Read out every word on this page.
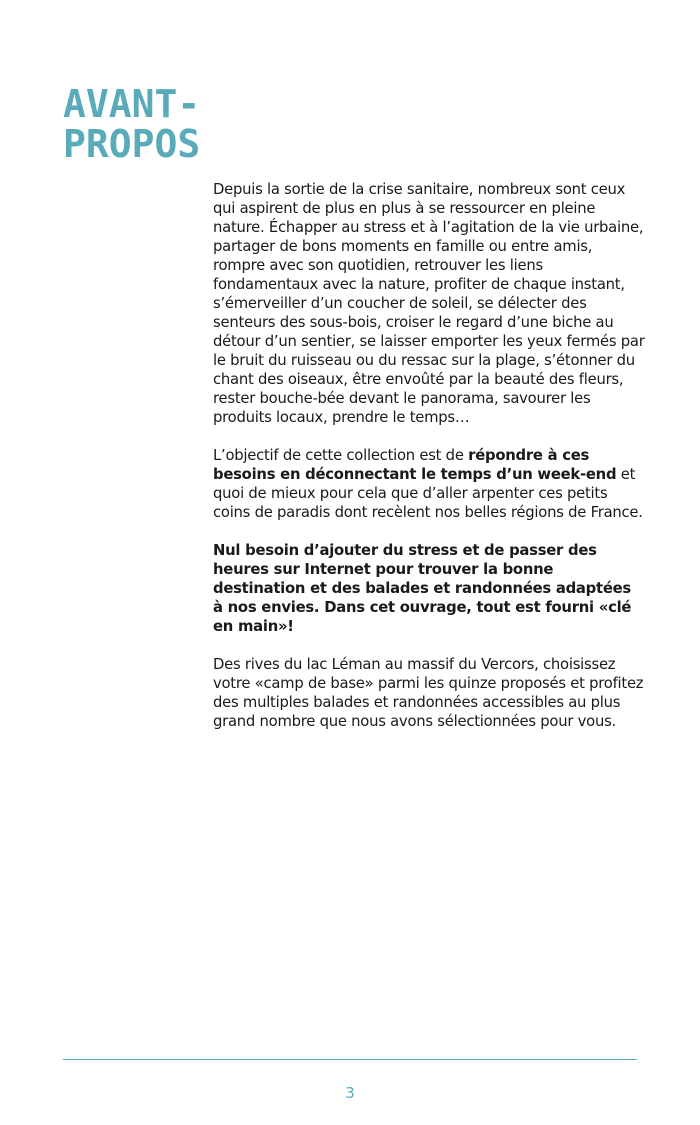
AVANT-
PROPOS

Depuis la sortie de la crise sanitaire, nombreux sont ceux qui aspirent de plus en plus à se ressourcer en pleine nature. Échapper au stress et à l’agitation de la vie urbaine, partager de bons moments en famille ou entre amis, rompre avec son quotidien, retrouver les liens fondamentaux avec la nature, profiter de chaque instant, s’émerveiller d’un coucher de soleil, se délecter des senteurs des sous-bois, croiser le regard d’une biche au détour d’un sentier, se laisser emporter les yeux fermés par le bruit du ruisseau ou du ressac sur la plage, s’étonner du chant des oiseaux, être envoûté par la beauté des fleurs, rester bouche-bée devant le panorama, savourer les produits locaux, prendre le temps…

L’objectif de cette collection est de répondre à ces besoins en déconnectant le temps d’un week-end et quoi de mieux pour cela que d’aller arpenter ces petits coins de paradis dont recèlent nos belles régions de France.

Nul besoin d’ajouter du stress et de passer des heures sur Internet pour trouver la bonne destination et des balades et randonnées adaptées à nos envies. Dans cet ouvrage, tout est fourni «clé en main»!

Des rives du lac Léman au massif du Vercors, choisissez votre «camp de base» parmi les quinze proposés et profitez des multiples balades et randonnées accessibles au plus grand nombre que nous avons sélectionnées pour vous.

3
